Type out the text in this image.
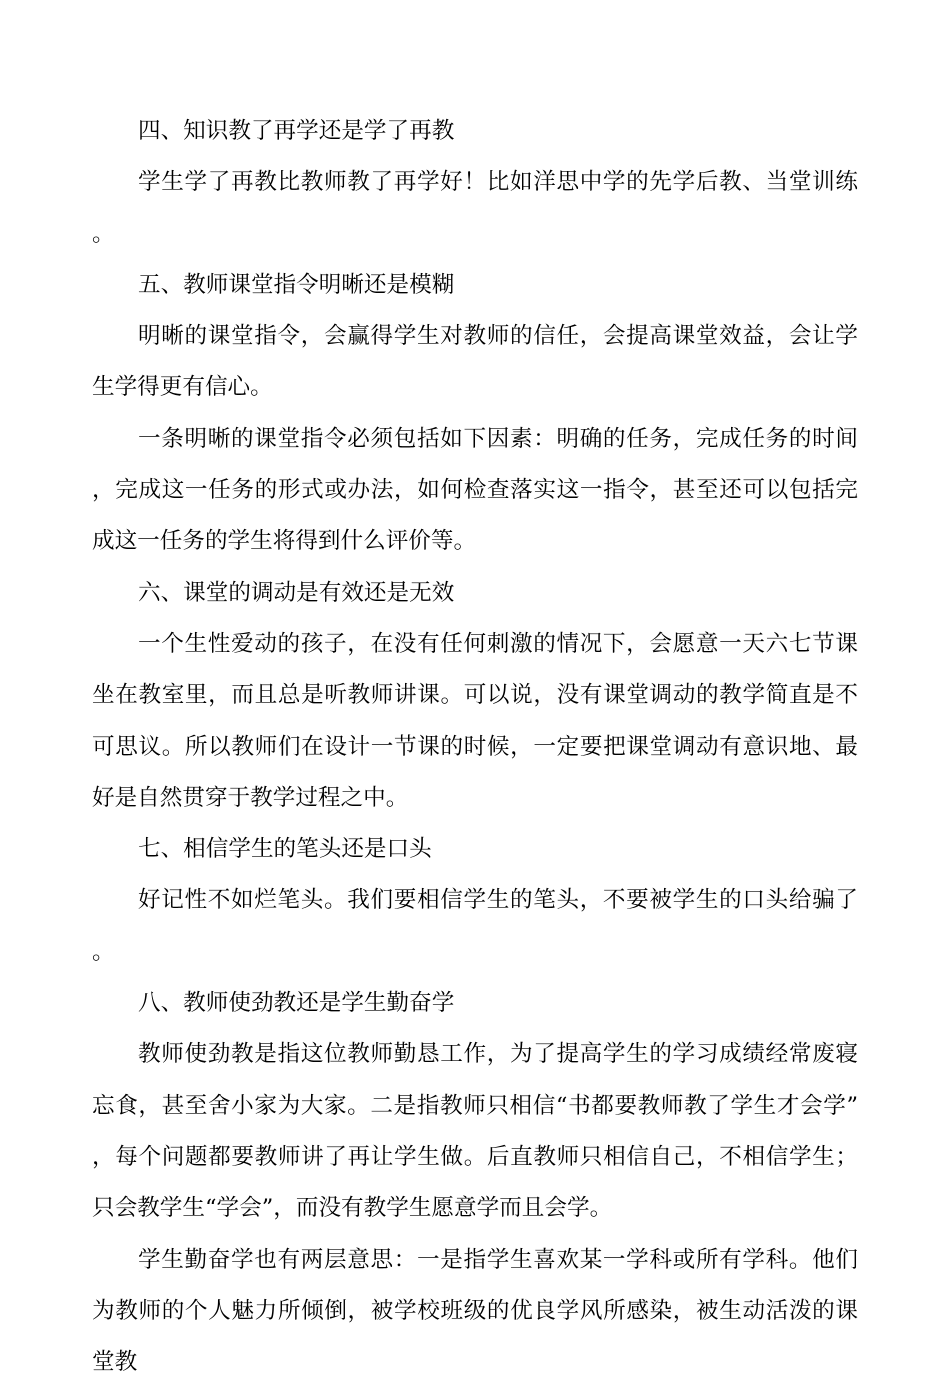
四、知识教了再学还是学了再教

学生学了再教比教师教了再学好！比如洋思中学的先学后教、当堂训练。

五、教师课堂指令明晰还是模糊

明晰的课堂指令，会赢得学生对教师的信任，会提高课堂效益，会让学生学得更有信心。

一条明晰的课堂指令必须包括如下因素：明确的任务，完成任务的时间，完成这一任务的形式或办法，如何检查落实这一指令，甚至还可以包括完成这一任务的学生将得到什么评价等。

六、课堂的调动是有效还是无效

一个生性爱动的孩子，在没有任何刺激的情况下，会愿意一天六七节课坐在教室里，而且总是听教师讲课。可以说，没有课堂调动的教学简直是不可思议。所以教师们在设计一节课的时候，一定要把课堂调动有意识地、最好是自然贯穿于教学过程之中。

七、相信学生的笔头还是口头

好记性不如烂笔头。我们要相信学生的笔头，不要被学生的口头给骗了。

八、教师使劲教还是学生勤奋学

教师使劲教是指这位教师勤恳工作，为了提高学生的学习成绩经常废寝忘食，甚至舍小家为大家。二是指教师只相信“书都要教师教了学生才会学”，每个问题都要教师讲了再让学生做。后直教师只相信自己，不相信学生；只会教学生“学会”，而没有教学生愿意学而且会学。

学生勤奋学也有两层意思：一是指学生喜欢某一学科或所有学科。他们为教师的个人魅力所倾倒，被学校班级的优良学风所感染，被生动活泼的课堂教
